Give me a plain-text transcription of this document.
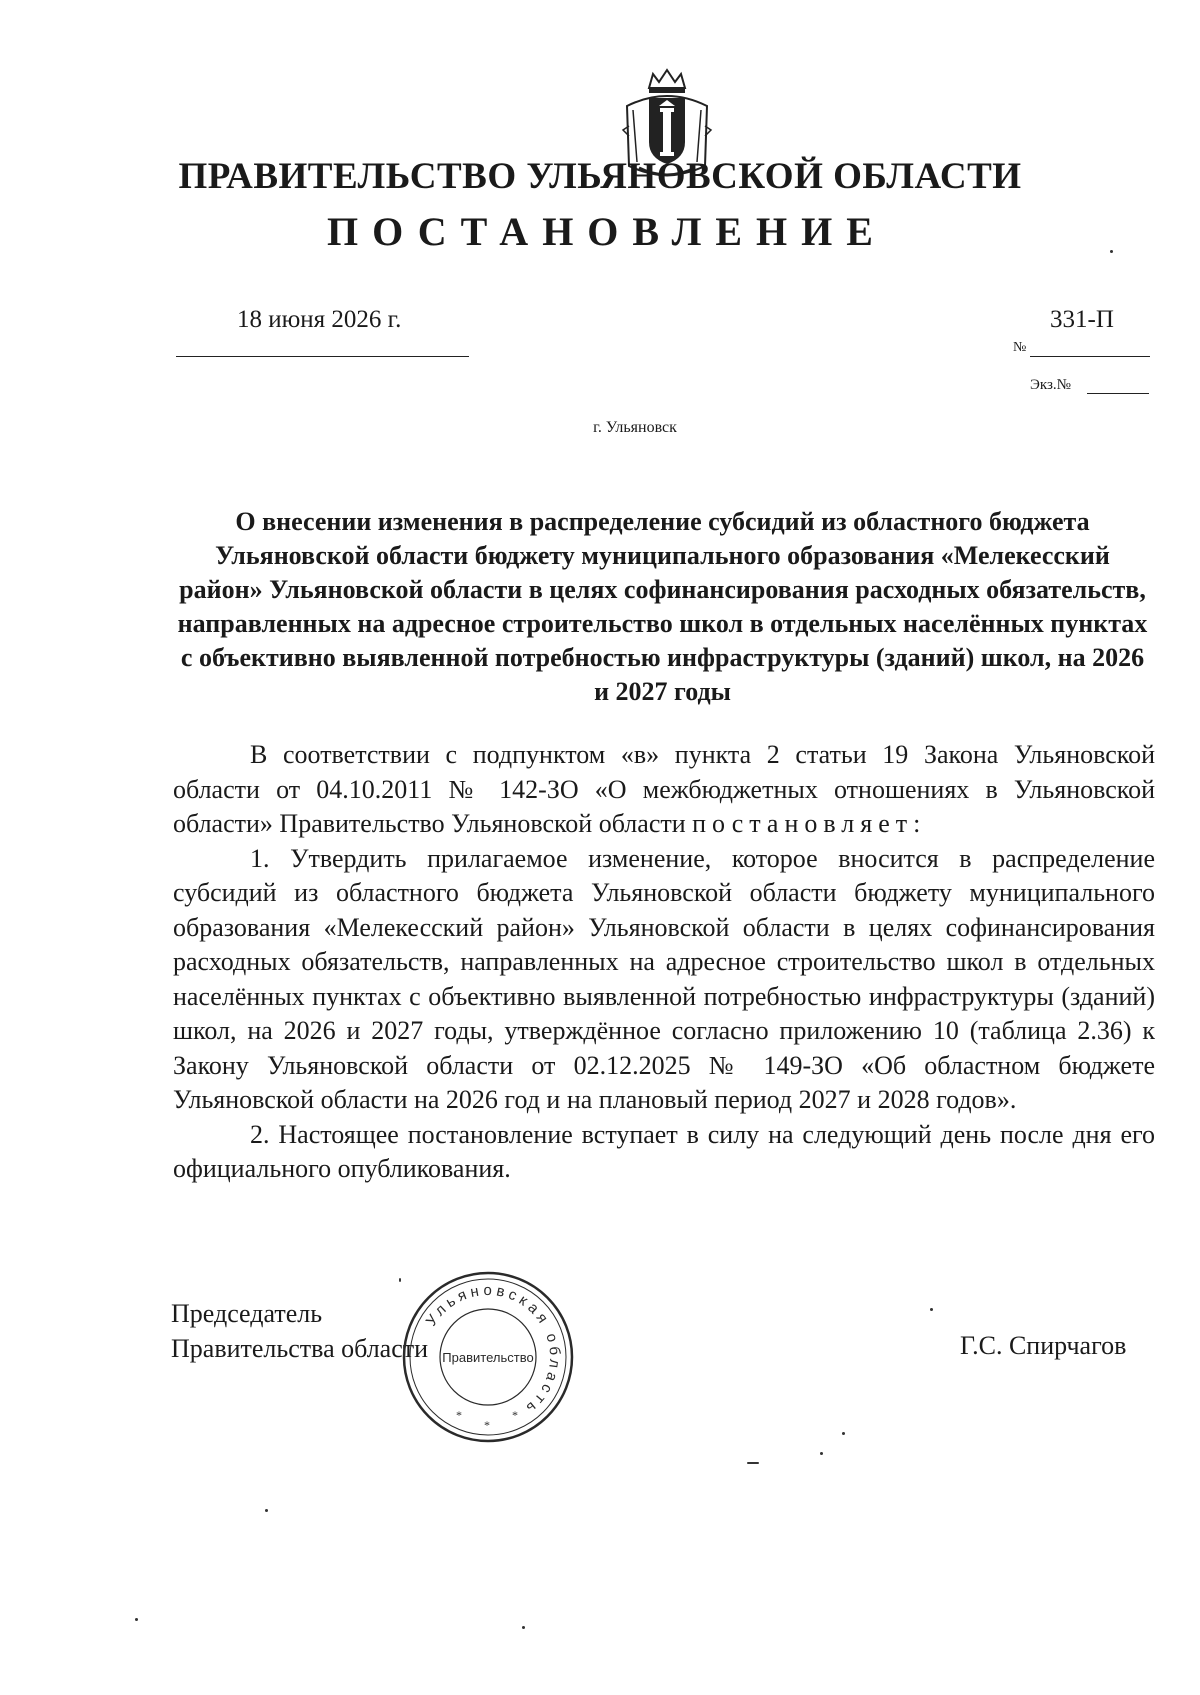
ПРАВИТЕЛЬСТВО УЛЬЯНОВСКОЙ ОБЛАСТИ
ПОСТАНОВЛЕНИЕ
18 июня 2026 г.
№
331-П
Экз.№
г. Ульяновск
О внесении изменения в распределение субсидий из областного бюджета Ульяновской области бюджету муниципального образования «Мелекесский район» Ульяновской области в целях софинансирования расходных обязательств, направленных на адресное строительство школ в отдельных населённых пунктах с объективно выявленной потребностью инфраструктуры (зданий) школ, на 2026 и 2027 годы

В соответствии с подпунктом «в» пункта 2 статьи 19 Закона Ульяновской области от 04.10.2011 № 142-ЗО «О межбюджетных отношениях в Ульяновской области» Правительство Ульяновской области постановляет:

1. Утвердить прилагаемое изменение, которое вносится в распределение субсидий из областного бюджета Ульяновской области бюджету муниципального образования «Мелекесский район» Ульяновской области в целях софинансирования расходных обязательств, направленных на адресное строительство школ в отдельных населённых пунктах с объективно выявленной потребностью инфраструктуры (зданий) школ, на 2026 и 2027 годы, утверждённое согласно приложению 10 (таблица 2.36) к Закону Ульяновской области от 02.12.2025 № 149-ЗО «Об областном бюджете Ульяновской области на 2026 год и на плановый период 2027 и 2028 годов».

2. Настоящее постановление вступает в силу на следующий день после дня его официального опубликования.

Председатель
Правительства области	Г.С. Спирчагов
Ульяновская область
Правительство
*
*
*
